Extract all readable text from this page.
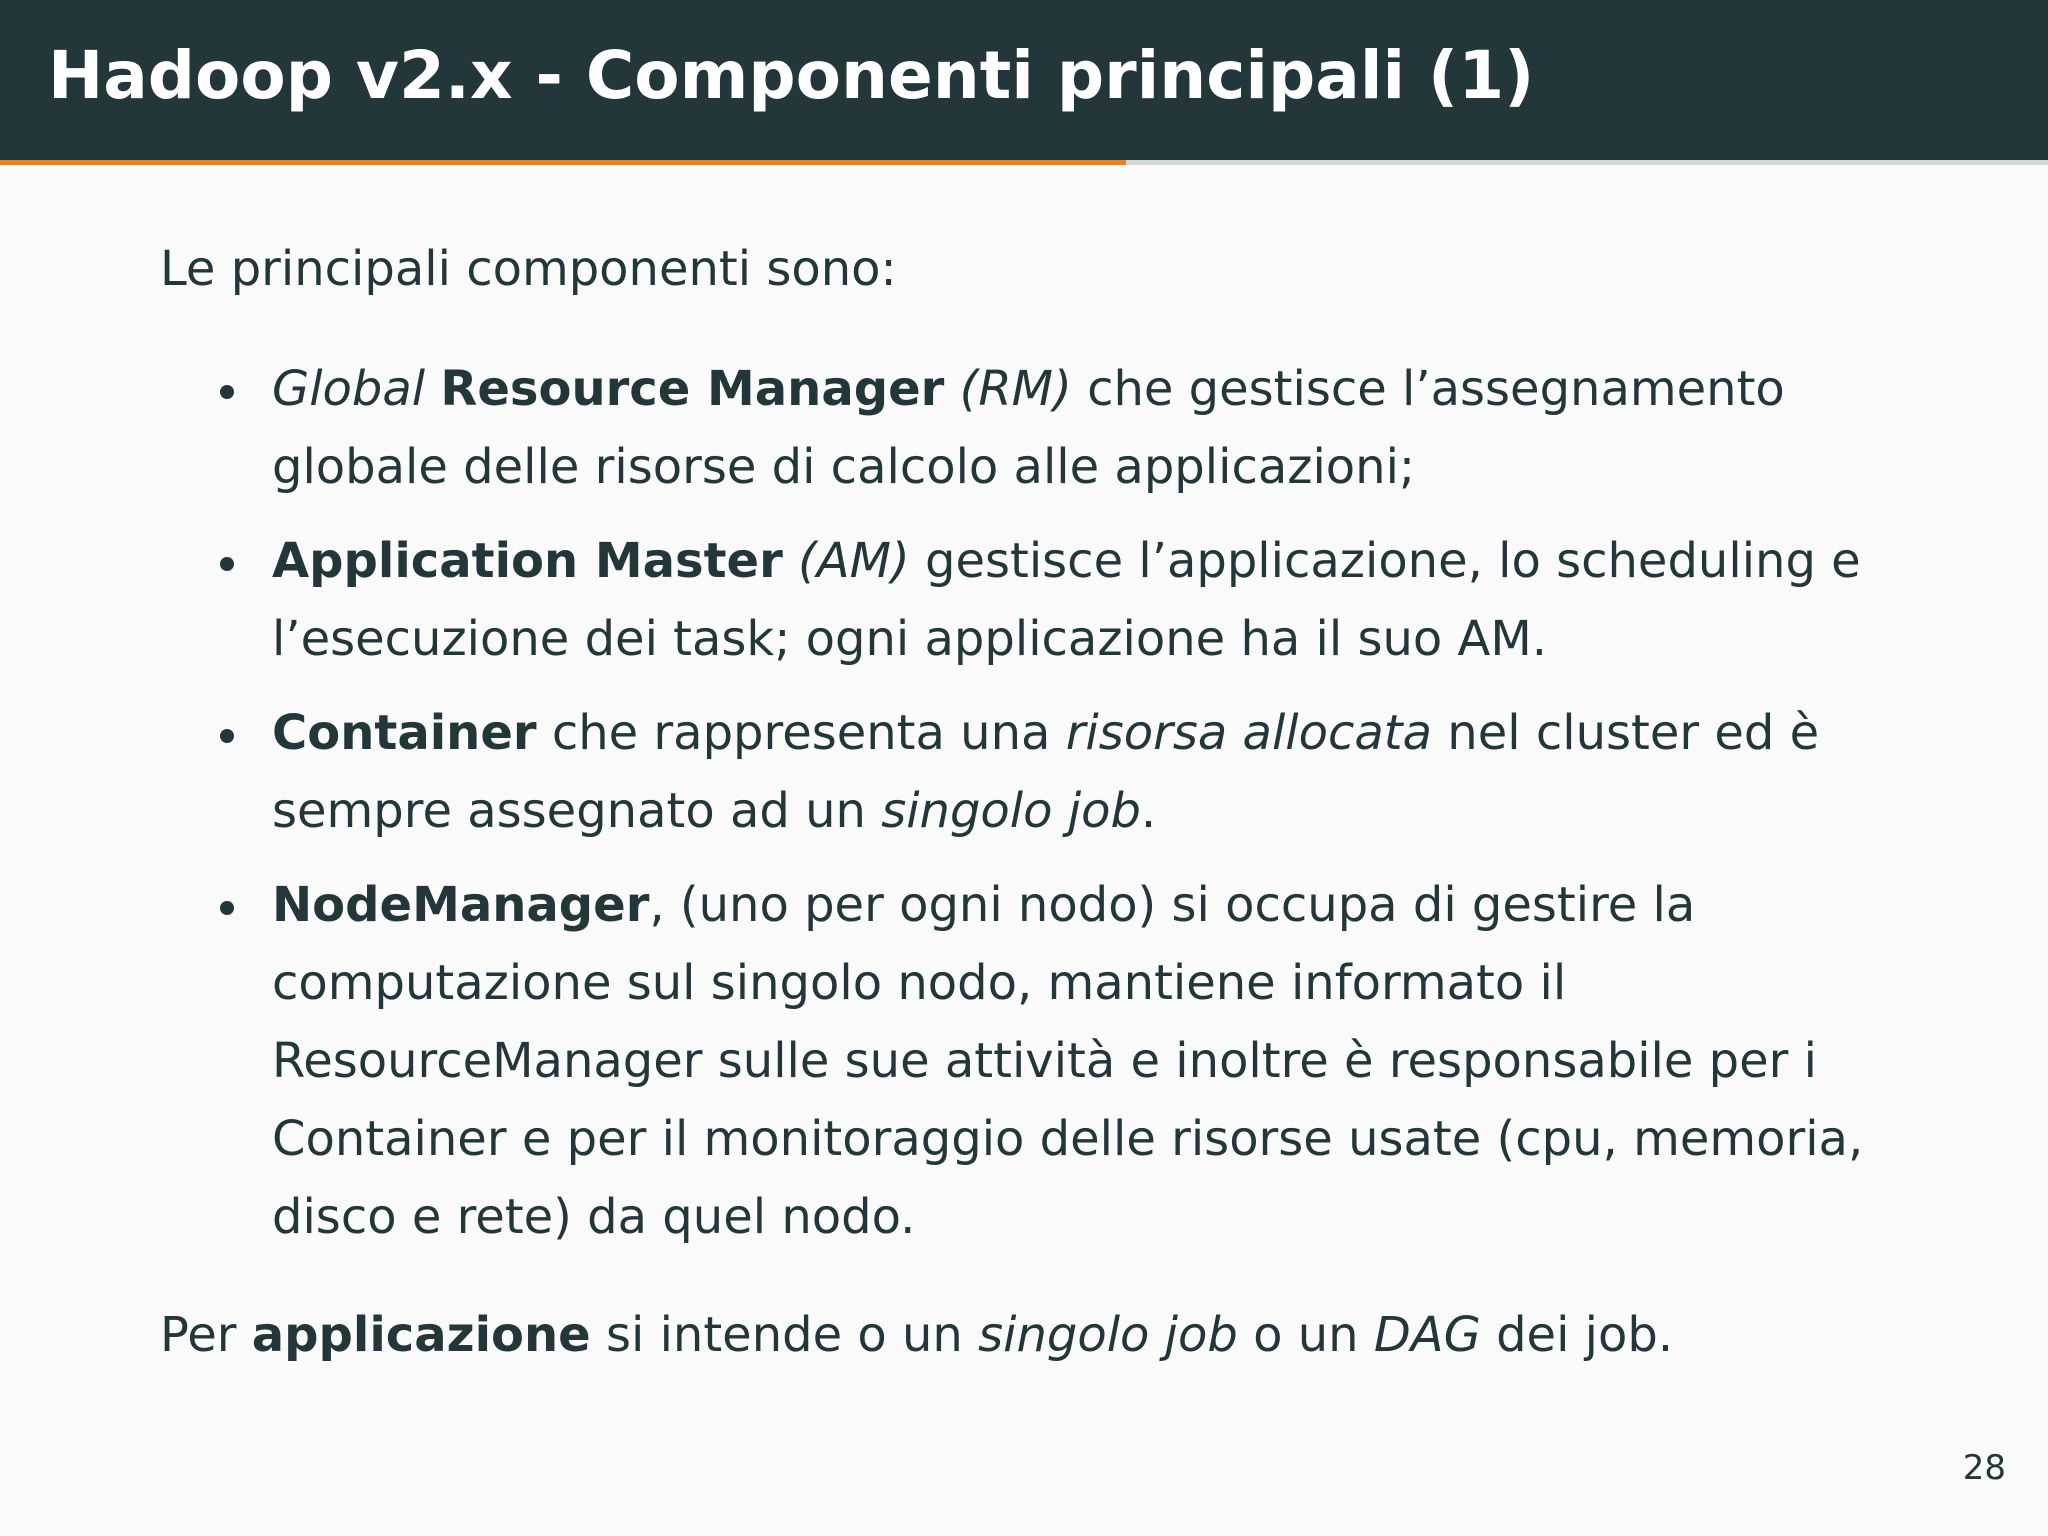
Hadoop v2.x - Componenti principali (1)

Le principali componenti sono:

Global Resource Manager (RM) che gestisce l’assegnamento globale delle risorse di calcolo alle applicazioni;
Application Master (AM) gestisce l’applicazione, lo scheduling e l’esecuzione dei task; ogni applicazione ha il suo AM.
Container che rappresenta una risorsa allocata nel cluster ed è sempre assegnato ad un singolo job.
NodeManager, (uno per ogni nodo) si occupa di gestire la computazione sul singolo nodo, mantiene informato il ResourceManager sulle sue attività e inoltre è responsabile per i Container e per il monitoraggio delle risorse usate (cpu, memoria, disco e rete) da quel nodo.

Per applicazione si intende o un singolo job o un DAG dei job.

28
